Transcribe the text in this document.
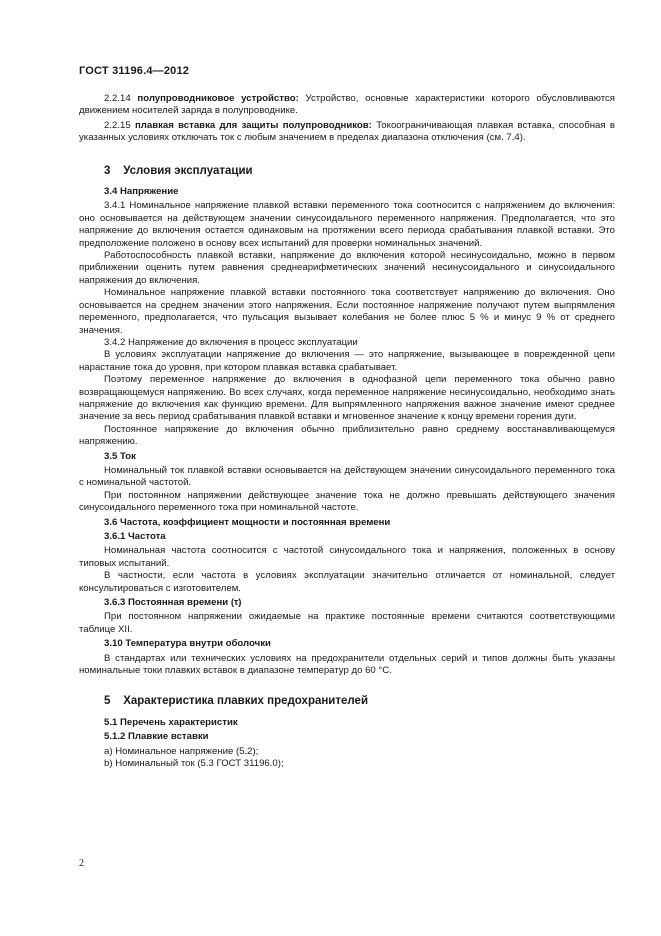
ГОСТ 31196.4—2012

2.2.14 полупроводниковое устройство: Устройство, основные характеристики которого обусловливаются движением носителей заряда в полупроводнике.

2.2.15 плавкая вставка для защиты полупроводников: Токоограничивающая плавкая вставка, способная в указанных условиях отключать ток с любым значением в пределах диапазона отключения (см. 7.4).

3 Условия эксплуатации
3.4 Напряжение

3.4.1 Номинальное напряжение плавкой вставки переменного тока соотносится с напряжением до включения: оно основывается на действующем значении синусоидального переменного напряжения. Предполагается, что это напряжение до включения остается одинаковым на протяжении всего периода срабатывания плавкой вставки. Это предположение положено в основу всех испытаний для проверки номинальных значений.

Работоспособность плавкой вставки, напряжение до включения которой несинусоидально, можно в первом приближении оценить путем равнения среднеарифметических значений несинусоидального и синусоидального напряжения до включения.

Номинальное напряжение плавкой вставки постоянного тока соответствует напряжению до включения. Оно основывается на среднем значении этого напряжения. Если постоянное напряжение получают путем выпрямления переменного, предполагается, что пульсация вызывает колебания не более плюс 5 % и минус 9 % от среднего значения.

3.4.2 Напряжение до включения в процесс эксплуатации

В условиях эксплуатации напряжение до включения — это напряжение, вызывающее в поврежденной цепи нарастание тока до уровня, при котором плавкая вставка срабатывает.

Поэтому переменное напряжение до включения в однофазной цепи переменного тока обычно равно возвращающемуся напряжению. Во всех случаях, когда переменное напряжение несинусоидально, необходимо знать напряжение до включения как функцию времени. Для выпрямленного напряжения важное значение имеют среднее значение за весь период срабатывания плавкой вставки и мгновенное значение к концу времени горения дуги.

Постоянное напряжение до включения обычно приблизительно равно среднему восстанавливающемуся напряжению.

3.5 Ток

Номинальный ток плавкой вставки основывается на действующем значении синусоидального переменного тока с номинальной частотой.

При постоянном напряжении действующее значение тока не должно превышать действующего значения синусоидального переменного тока при номинальной частоте.

3.6 Частота, коэффициент мощности и постоянная времени
3.6.1 Частота

Номинальная частота соотносится с частотой синусоидального тока и напряжения, положенных в основу типовых испытаний.

В частности, если частота в условиях эксплуатации значительно отличается от номинальной, следует консультироваться с изготовителем.

3.6.3 Постоянная времени (τ)

При постоянном напряжении ожидаемые на практике постоянные времени считаются соответствующими таблице XII.

3.10 Температура внутри оболочки

В стандартах или технических условиях на предохранители отдельных серий и типов должны быть указаны номинальные токи плавких вставок в диапазоне температур до 60 °С.

5 Характеристика плавких предохранителей
5.1 Перечень характеристик
5.1.2 Плавкие вставки
a) Номинальное напряжение (5.2);
b) Номинальный ток (5.3 ГОСТ 31196.0);
2
